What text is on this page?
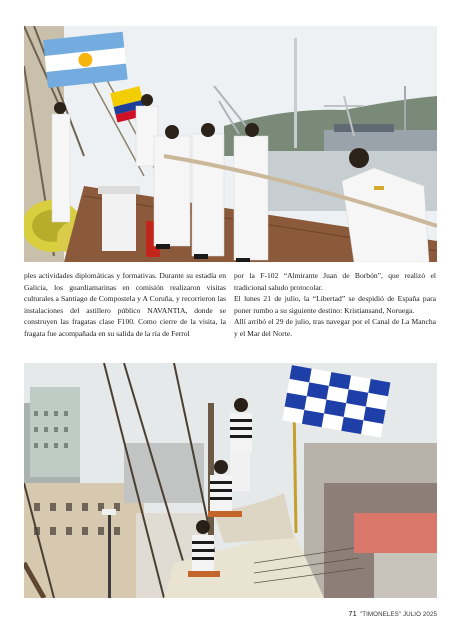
ples actividades diplomáticas y formativas. Durante su estadía en Galicia, los guardiamarinas en comisión realizaron visitas culturales a Santiago de Compostela y A Coruña, y recorrieron las instalaciones del astillero público NAVANTIA, donde se construyen las fragatas clase F100. Como cierre de la visita, la fragata fue acompañada en su salida de la ría de Ferrol

por la F-102 “Almirante Juan de Borbón”, que realizó el tradicional saludo protocolar.

El lunes 21 de julio, la “Libertad” se despidió de España para poner rumbo a su siguiente destino: Kristiansand, Noruega.

Allí arribó el 29 de julio, tras navegar por el Canal de La Mancha y el Mar del Norte.

71 "TIMONELES" JULIO 2025
